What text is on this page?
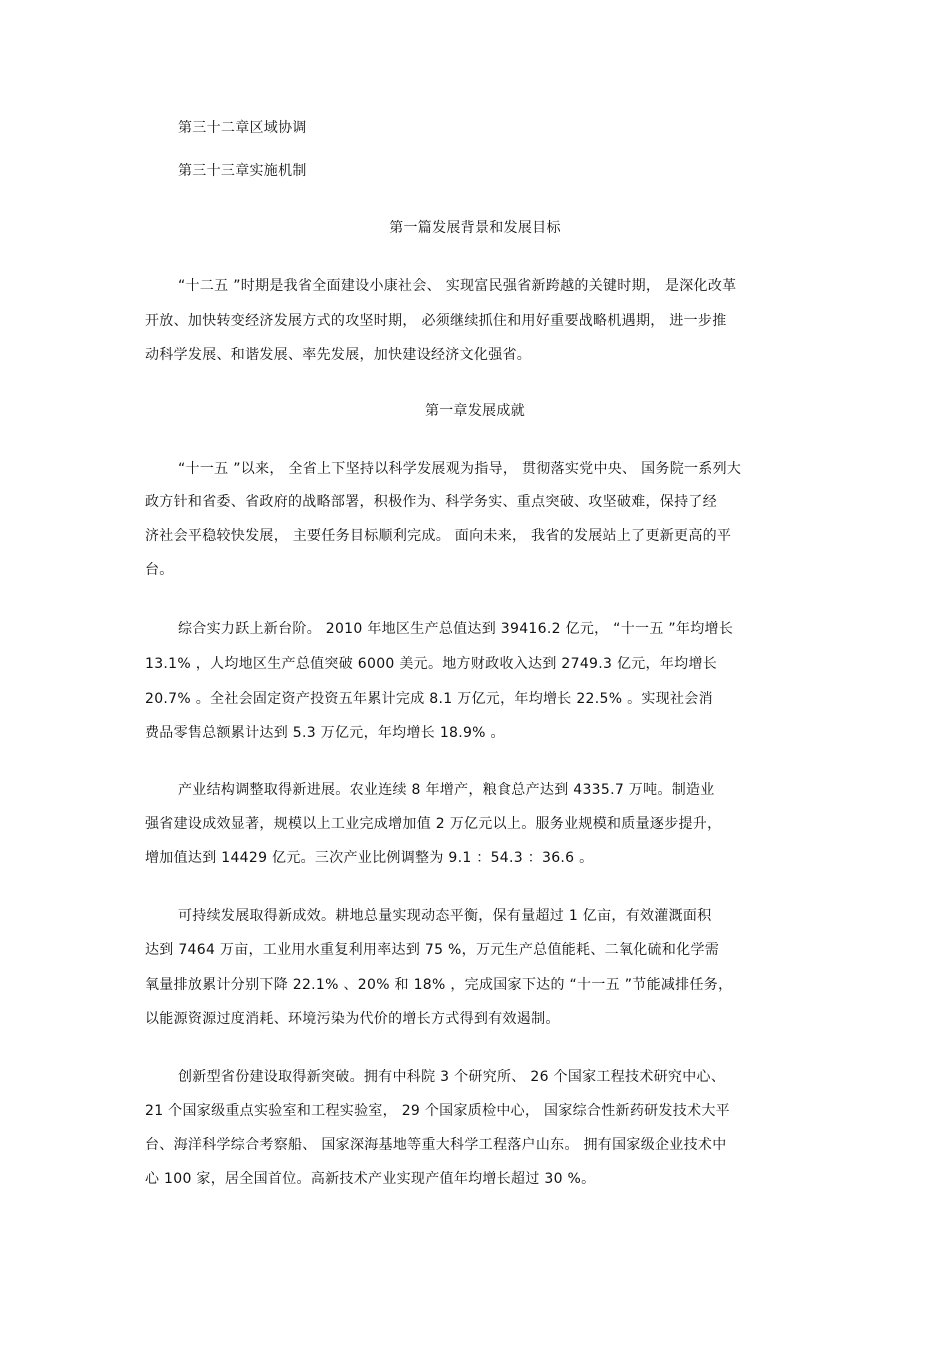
第三十二章区域协调
第三十三章实施机制
第一篇发展背景和发展目标
“十二五 ”时期是我省全面建设小康社会、 实现富民强省新跨越的关键时期， 是深化改革
开放、加快转变经济发展方式的攻坚时期， 必须继续抓住和用好重要战略机遇期， 进一步推
动科学发展、和谐发展、率先发展，加快建设经济文化强省。
第一章发展成就
“十一五 ”以来， 全省上下坚持以科学发展观为指导， 贯彻落实党中央、 国务院一系列大
政方针和省委、省政府的战略部署，积极作为、科学务实、重点突破、攻坚破难，保持了经
济社会平稳较快发展， 主要任务目标顺利完成。 面向未来， 我省的发展站上了更新更高的平
台。
综合实力跃上新台阶。 2010 年地区生产总值达到 39416.2 亿元， “十一五 ”年均增长
13.1% ，人均地区生产总值突破 6000 美元。地方财政收入达到 2749.3 亿元，年均增长
20.7% 。全社会固定资产投资五年累计完成 8.1 万亿元，年均增长 22.5% 。实现社会消
费品零售总额累计达到 5.3 万亿元，年均增长 18.9% 。
产业结构调整取得新进展。农业连续 8 年增产，粮食总产达到 4335.7 万吨。制造业
强省建设成效显著，规模以上工业完成增加值 2 万亿元以上。服务业规模和质量逐步提升，
增加值达到 14429 亿元。三次产业比例调整为 9.1 ：54.3 ：36.6 。
可持续发展取得新成效。耕地总量实现动态平衡，保有量超过 1 亿亩，有效灌溉面积
达到 7464 万亩，工业用水重复利用率达到 75 %，万元生产总值能耗、二氧化硫和化学需
氧量排放累计分别下降 22.1% 、20% 和 18% ，完成国家下达的 “十一五 ”节能减排任务，
以能源资源过度消耗、环境污染为代价的增长方式得到有效遏制。
创新型省份建设取得新突破。拥有中科院 3 个研究所、 26 个国家工程技术研究中心、
21 个国家级重点实验室和工程实验室， 29 个国家质检中心， 国家综合性新药研发技术大平
台、海洋科学综合考察船、 国家深海基地等重大科学工程落户山东。 拥有国家级企业技术中
心 100 家，居全国首位。高新技术产业实现产值年均增长超过 30 %。
